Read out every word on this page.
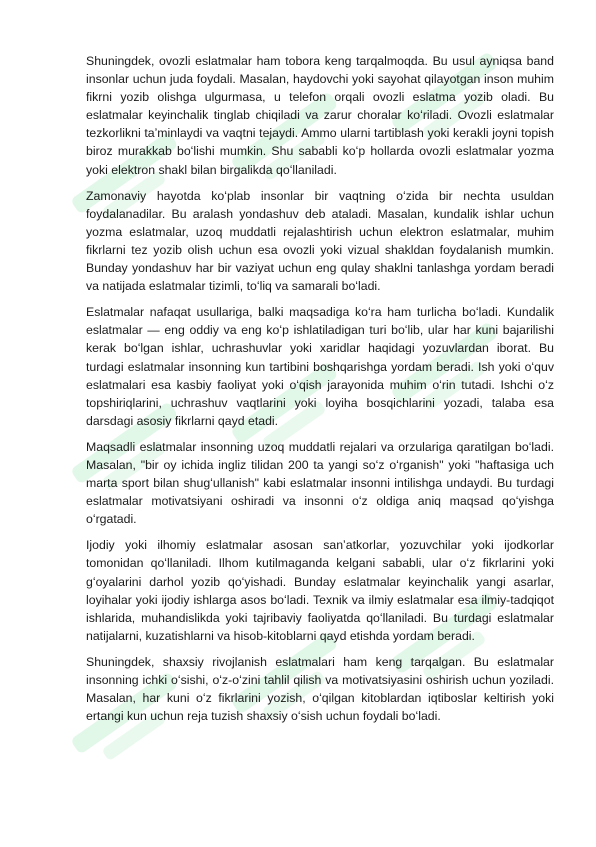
Shuningdek, ovozli eslatmalar ham tobora keng tarqalmoqda. Bu usul ayniqsa band insonlar uchun juda foydali. Masalan, haydovchi yoki sayohat qilayotgan inson muhim fikrni yozib olishga ulgurmasa, u telefon orqali ovozli eslatma yozib oladi. Bu eslatmalar keyinchalik tinglab chiqiladi va zarur choralar koʻriladi. Ovozli eslatmalar tezkorlikni taʼminlaydi va vaqtni tejaydi. Ammo ularni tartiblash yoki kerakli joyni topish biroz murakkab boʻlishi mumkin. Shu sababli koʻp hollarda ovozli eslatmalar yozma yoki elektron shakl bilan birgalikda qoʻllaniladi.

Zamonaviy hayotda koʻplab insonlar bir vaqtning oʻzida bir nechta usuldan foydalanadilar. Bu aralash yondashuv deb ataladi. Masalan, kundalik ishlar uchun yozma eslatmalar, uzoq muddatli rejalashtirish uchun elektron eslatmalar, muhim fikrlarni tez yozib olish uchun esa ovozli yoki vizual shakldan foydalanish mumkin. Bunday yondashuv har bir vaziyat uchun eng qulay shaklni tanlashga yordam beradi va natijada eslatmalar tizimli, toʻliq va samarali boʻladi.

Eslatmalar nafaqat usullariga, balki maqsadiga koʻra ham turlicha boʻladi. Kundalik eslatmalar — eng oddiy va eng koʻp ishlatiladigan turi boʻlib, ular har kuni bajarilishi kerak boʻlgan ishlar, uchrashuvlar yoki xaridlar haqidagi yozuvlardan iborat. Bu turdagi eslatmalar insonning kun tartibini boshqarishga yordam beradi. Ish yoki oʻquv eslatmalari esa kasbiy faoliyat yoki oʻqish jarayonida muhim oʻrin tutadi. Ishchi oʻz topshiriqlarini, uchrashuv vaqtlarini yoki loyiha bosqichlarini yozadi, talaba esa darsdagi asosiy fikrlarni qayd etadi.

Maqsadli eslatmalar insonning uzoq muddatli rejalari va orzulariga qaratilgan boʻladi. Masalan, "bir oy ichida ingliz tilidan 200 ta yangi soʻz oʻrganish" yoki "haftasiga uch marta sport bilan shugʻullanish" kabi eslatmalar insonni intilishga undaydi. Bu turdagi eslatmalar motivatsiyani oshiradi va insonni oʻz oldiga aniq maqsad qoʻyishga oʻrgatadi.

Ijodiy yoki ilhomiy eslatmalar asosan sanʼatkorlar, yozuvchilar yoki ijodkorlar tomonidan qoʻllaniladi. Ilhom kutilmaganda kelgani sababli, ular oʻz fikrlarini yoki gʻoyalarini darhol yozib qoʻyishadi. Bunday eslatmalar keyinchalik yangi asarlar, loyihalar yoki ijodiy ishlarga asos boʻladi. Texnik va ilmiy eslatmalar esa ilmiy-tadqiqot ishlarida, muhandislikda yoki tajribaviy faoliyatda qoʻllaniladi. Bu turdagi eslatmalar natijalarni, kuzatishlarni va hisob-kitoblarni qayd etishda yordam beradi.

Shuningdek, shaxsiy rivojlanish eslatmalari ham keng tarqalgan. Bu eslatmalar insonning ichki oʻsishi, oʻz-oʻzini tahlil qilish va motivatsiyasini oshirish uchun yoziladi. Masalan, har kuni oʻz fikrlarini yozish, oʻqilgan kitoblardan iqtiboslar keltirish yoki ertangi kun uchun reja tuzish shaxsiy oʻsish uchun foydali boʻladi.
